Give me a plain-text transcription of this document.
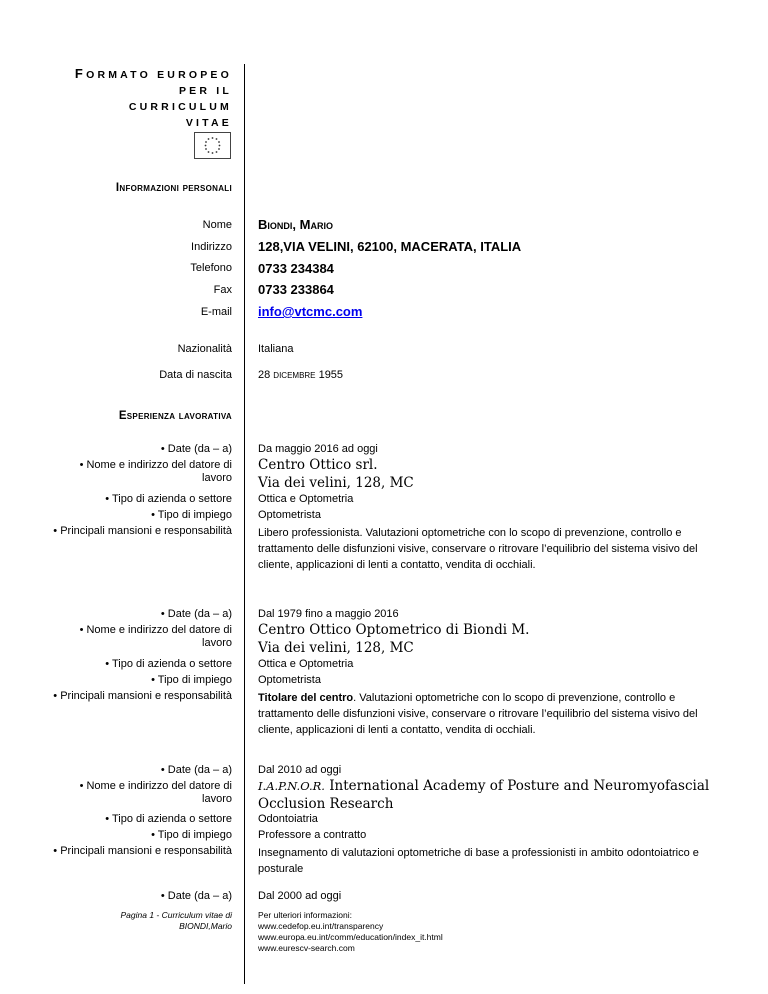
FORMATO EUROPEO
PER IL CURRICULUM
VITAE
Informazioni personali
Nome Biondi, Mario
Indirizzo 128,VIA VELINI, 62100, MACERATA, ITALIA
Telefono 0733 234384
Fax 0733 233864
E-mail info@vtcmc.com
Nazionalità Italiana
Data di nascita 28 dicembre 1955
Esperienza lavorativa
• Date (da – a) Da maggio 2016 ad oggi
• Nome e indirizzo del datore di
lavoro
Centro Ottico srl.
Via dei velini, 128, MC
• Tipo di azienda o settore Ottica e Optometria
• Tipo di impiego Optometrista
• Principali mansioni e responsabilità Libero professionista. Valutazioni optometriche con lo scopo di prevenzione, controllo e trattamento delle disfunzioni visive, conservare o ritrovare l’equilibrio del sistema visivo del cliente, applicazioni di lenti a contatto, vendita di occhiali.
• Date (da – a) Dal 1979 fino a maggio 2016
• Nome e indirizzo del datore di
lavoro
Centro Ottico Optometrico di Biondi M.
Via dei velini, 128, MC
• Tipo di azienda o settore Ottica e Optometria
• Tipo di impiego Optometrista
• Principali mansioni e responsabilità Titolare del centro. Valutazioni optometriche con lo scopo di prevenzione, controllo e trattamento delle disfunzioni visive, conservare o ritrovare l’equilibrio del sistema visivo del cliente, applicazioni di lenti a contatto, vendita di occhiali.
• Date (da – a) Dal 2010 ad oggi
• Nome e indirizzo del datore di
lavoro
I.A.P.N.O.R. International Academy of Posture and Neuromyofascial Occlusion Research
• Tipo di azienda o settore Odontoiatria
• Tipo di impiego Professore a contratto
• Principali mansioni e responsabilità Insegnamento di valutazioni optometriche di base a professionisti in ambito odontoiatrico e posturale
• Date (da – a) Dal 2000 ad oggi
Pagina 1 - Curriculum vitae di
BIONDI,Mario
Per ulteriori informazioni:
www.cedefop.eu.int/transparency
www.europa.eu.int/comm/education/index_it.html
www.eurescv-search.com
